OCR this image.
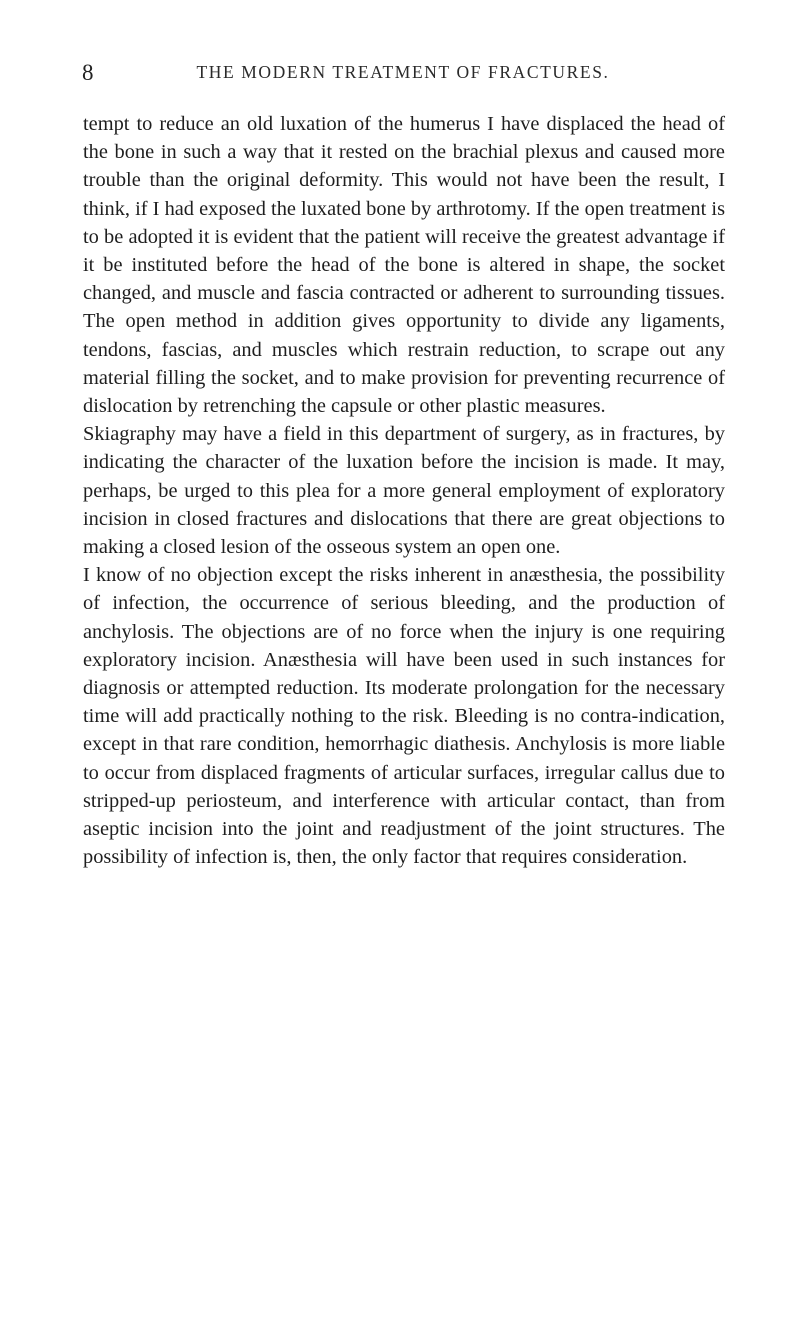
8	THE MODERN TREATMENT OF FRACTURES.

tempt to reduce an old luxation of the humerus I have displaced the head of the bone in such a way that it rested on the brachial plexus and caused more trouble than the original deformity. This would not have been the result, I think, if I had exposed the luxated bone by arthrotomy. If the open treatment is to be adopted it is evident that the patient will receive the greatest advantage if it be instituted before the head of the bone is altered in shape, the socket changed, and muscle and fascia contracted or adherent to surrounding tissues. The open method in addition gives opportunity to divide any ligaments, tendons, fascias, and muscles which restrain reduction, to scrape out any material filling the socket, and to make provision for preventing recurrence of dislocation by retrenching the capsule or other plastic measures.

Skiagraphy may have a field in this department of surgery, as in fractures, by indicating the character of the luxation before the incision is made. It may, perhaps, be urged to this plea for a more general employment of exploratory incision in closed fractures and dislocations that there are great objections to making a closed lesion of the osseous system an open one.

I know of no objection except the risks inherent in anæsthesia, the possibility of infection, the occurrence of serious bleeding, and the production of anchylosis. The objections are of no force when the injury is one requiring exploratory incision. Anæsthesia will have been used in such instances for diagnosis or attempted reduction. Its moderate prolongation for the necessary time will add practically nothing to the risk. Bleeding is no contra-indication, except in that rare condition, hemorrhagic diathesis. Anchylosis is more liable to occur from displaced fragments of articular surfaces, irregular callus due to stripped-up periosteum, and interference with articular contact, than from aseptic incision into the joint and readjustment of the joint structures. The possibility of infection is, then, the only factor that requires consideration.
